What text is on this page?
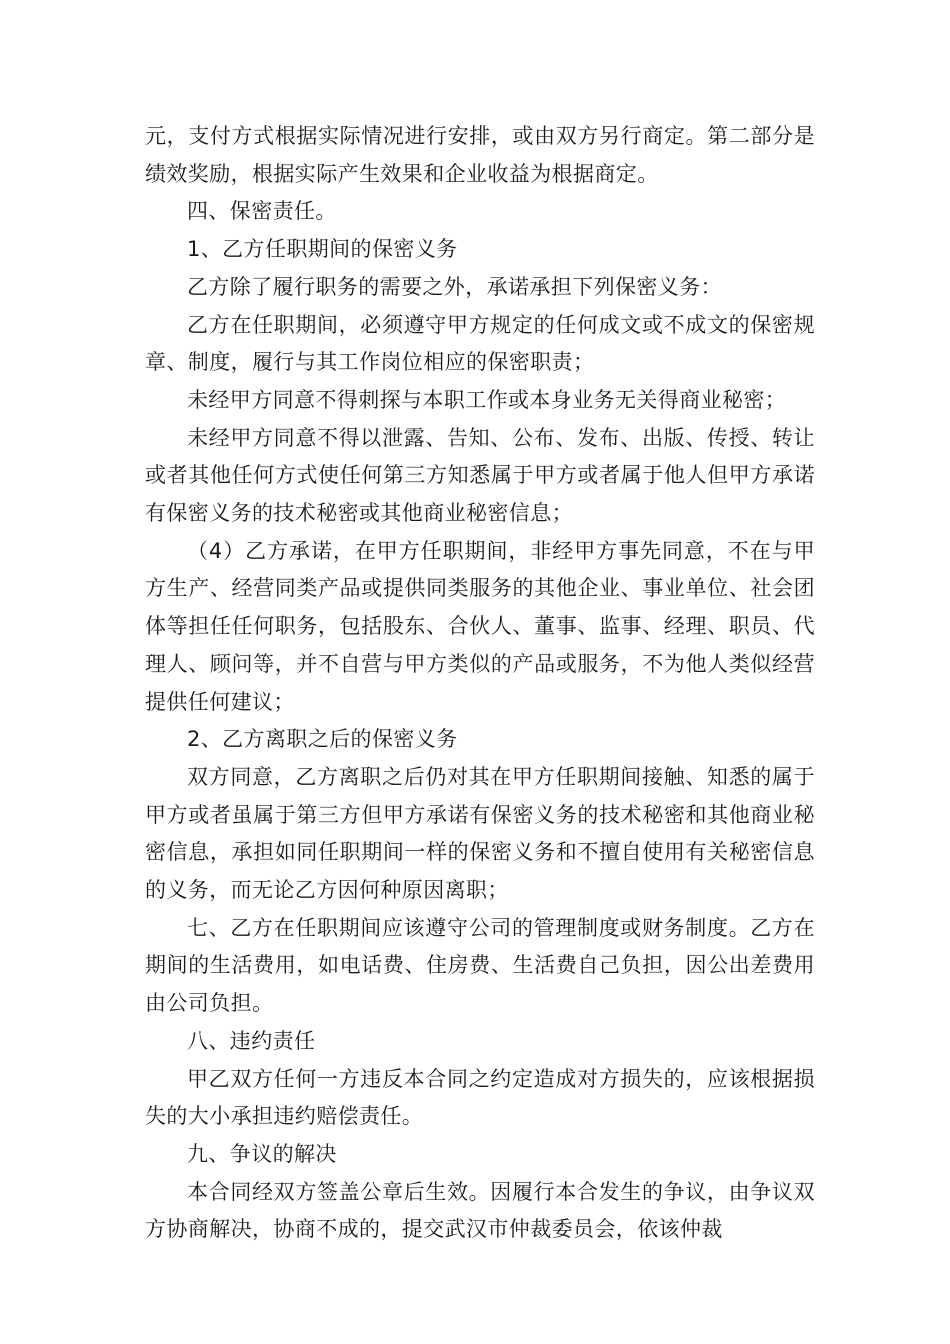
元，支付方式根据实际情况进行安排，或由双方另行商定。第二部分是绩效奖励，根据实际产生效果和企业收益为根据商定。

四、保密责任。

1、乙方任职期间的保密义务

乙方除了履行职务的需要之外，承诺承担下列保密义务：

乙方在任职期间，必须遵守甲方规定的任何成文或不成文的保密规章、制度，履行与其工作岗位相应的保密职责；

未经甲方同意不得刺探与本职工作或本身业务无关得商业秘密；

未经甲方同意不得以泄露、告知、公布、发布、出版、传授、转让或者其他任何方式使任何第三方知悉属于甲方或者属于他人但甲方承诺有保密义务的技术秘密或其他商业秘密信息；

（4）乙方承诺，在甲方任职期间，非经甲方事先同意，不在与甲方生产、经营同类产品或提供同类服务的其他企业、事业单位、社会团体等担任任何职务，包括股东、合伙人、董事、监事、经理、职员、代理人、顾问等，并不自营与甲方类似的产品或服务，不为他人类似经营提供任何建议；

2、乙方离职之后的保密义务

双方同意，乙方离职之后仍对其在甲方任职期间接触、知悉的属于甲方或者虽属于第三方但甲方承诺有保密义务的技术秘密和其他商业秘密信息，承担如同任职期间一样的保密义务和不擅自使用有关秘密信息的义务，而无论乙方因何种原因离职；

七、乙方在任职期间应该遵守公司的管理制度或财务制度。乙方在期间的生活费用，如电话费、住房费、生活费自己负担，因公出差费用由公司负担。

八、违约责任

甲乙双方任何一方违反本合同之约定造成对方损失的，应该根据损失的大小承担违约赔偿责任。

九、争议的解决

本合同经双方签盖公章后生效。因履行本合发生的争议，由争议双方协商解决，协商不成的，提交武汉市仲裁委员会，依该仲裁
